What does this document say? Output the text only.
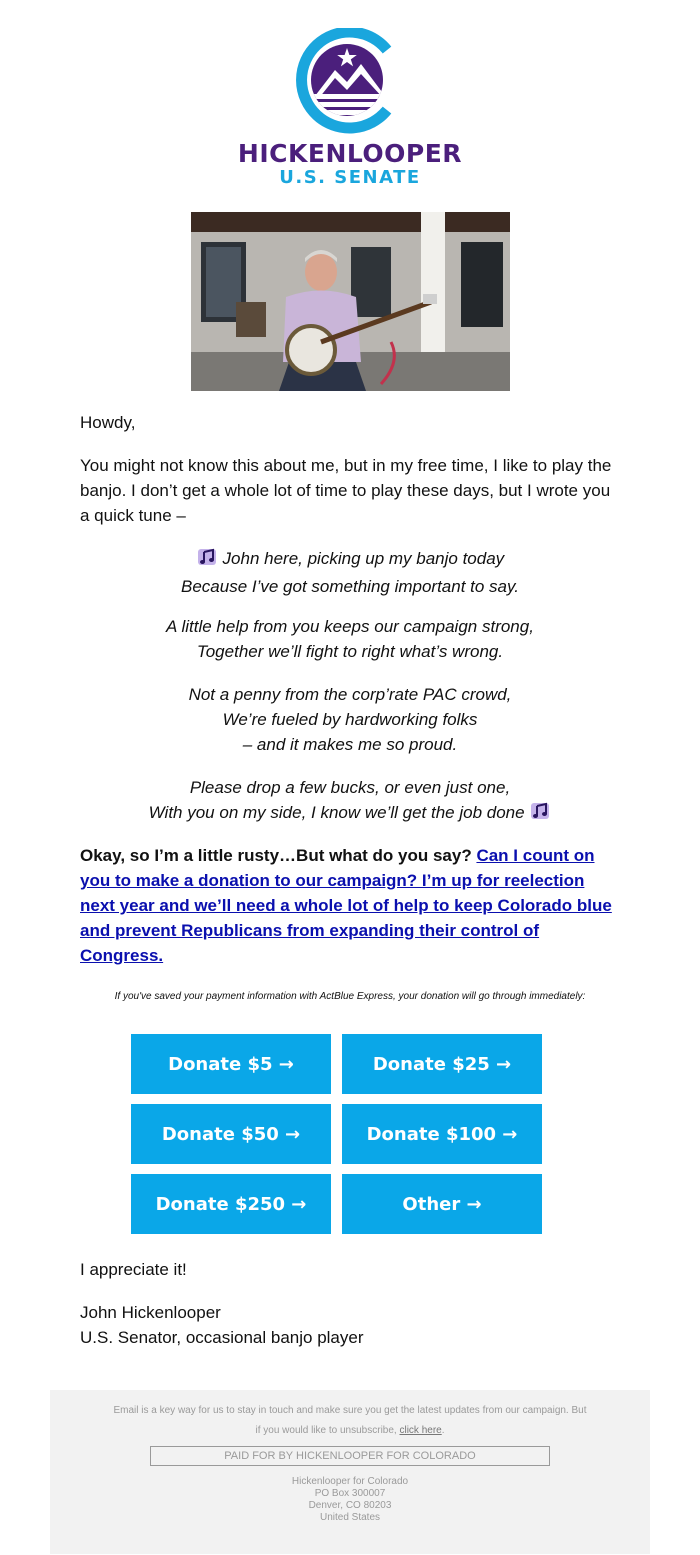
HICKENLOOPER
U.S. SENATE

Howdy,

You might not know this about me, but in my free time, I like to play the banjo. I don’t get a whole lot of time to play these days, but I wrote you a quick tune –

John here, picking up my banjo today

Because I’ve got something important to say.

A little help from you keeps our campaign strong,

Together we’ll fight to right what’s wrong.

Not a penny from the corp’rate PAC crowd,

We’re fueled by hardworking folks

– and it makes me so proud.

Please drop a few bucks, or even just one,

With you on my side, I know we’ll get the job done

Okay, so I’m a little rusty…But what do you say? Can I count on you to make a donation to our campaign? I’m up for reelection next year and we’ll need a whole lot of help to keep Colorado blue and prevent Republicans from expanding their control of Congress.

If you've saved your payment information with ActBlue Express, your donation will go through immediately:
Donate $5 →	Donate $25 →
Donate $50 →	Donate $100 →
Donate $250 →	Other →

I appreciate it!

John Hickenlooper

U.S. Senator, occasional banjo player

Email is a key way for us to stay in touch and make sure you get the latest updates from our campaign. But if you would like to unsubscribe, click here.
PAID FOR BY HICKENLOOPER FOR COLORADO
Hickenlooper for Colorado
PO Box 300007
Denver, CO 80203
United States
